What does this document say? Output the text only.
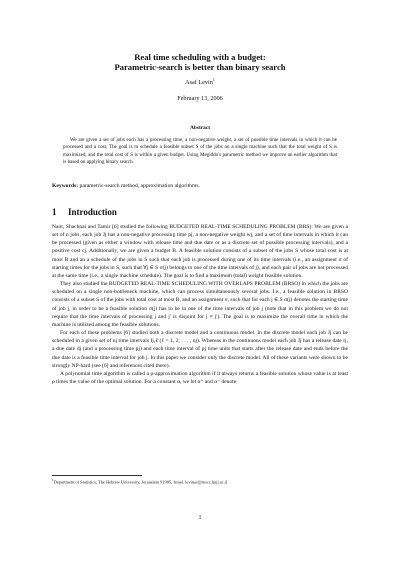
Real time scheduling with a budget:
Parametric-search is better than binary search
Asaf Levin$^1$
February 13, 2006
Abstract
We are given a set of jobs each has a processing time, a non-negative weight, a set of possible time intervals in which it can be processed and a cost. The goal is to schedule a feasible subset S of the jobs on a single machine such that the total weight of S is maximized, and the total cost of S is within a given budget. Using Megiddo's parametric method we improve an earlier algorithm that is based on applying binary search.
Keywords: parametric-search method, approximation algorithms.
1 Introduction

Naor, Shachnai and Tamir [6] studied the following BUDGETED REAL-TIME SCHEDULING PROBLEM (BRS): We are given a set of n jobs, each job Jj has a non-negative processing time pj, a non-negative weight wj, and a set of time intervals in which it can be processed (given as either a window with release time and due date or as a discrete set of possible processing intervals), and a positive cost cj. Additionally, we are given a budget B. A feasible solution consists of a subset of the jobs S whose total cost is at most B and an a schedule of the jobs in S such that each job is processed during one of its time intervals (i.e., an assignment σ of starting times for the jobs in S, such that ∀j ∈ S σ(j) belongs to one of the time intervals of j), and each pair of jobs are not processed at the same time (i.e., a single machine schedule). The goal is to find a maximum (total) weight feasible solution.

They also studied the BUDGETED REAL-TIME SCHEDULING WITH OVERLAPS PROBLEM (BRSO) in which the jobs are scheduled on a single non-bottleneck machine, which can process simultaneously several jobs. I.e., a feasible solution in BRSO consists of a subset S of the jobs with total cost at most B, and an assignment σ, such that for each j ∈ S σ(j) denotes the starting time of job j, in order to be a feasible solution σ(j) has to be in one of the time intervals of job j (note that in this problem we do not require that the time intervals of processing j and j′ is disjoint for j ≠ j′). The goal is to maximize the overall time in which the machine is utilized among the feasible solutions.

For each of these problems [6] studied both a discrete model and a continuous model. In the discrete model each job Jj can be scheduled in a given set of nj time intervals Ij,ℓ (ℓ = 1, 2, . . . , nj). Whereas in the continuous model each job Jj has a release date rj, a due date dj (and a processing time pj) and each time interval of pj time units that starts after the release date and ends before the due date is a feasible time interval for job j. In this paper we consider only the discrete model. All of these variants were shown to be strongly NP-hard (see [6] and references cited there).

A polynomial time algorithm is called a ρ-approximation algorithm if it always returns a feasible solution whose value is at least ρ times the value of the optimal solution. For a constant α, we let α⁺ and α⁻ denote

$^1$Department of Statistics, The Hebrew University, Jerusalem 91905, Israel. levinas@mscc.huji.ac.il
1
